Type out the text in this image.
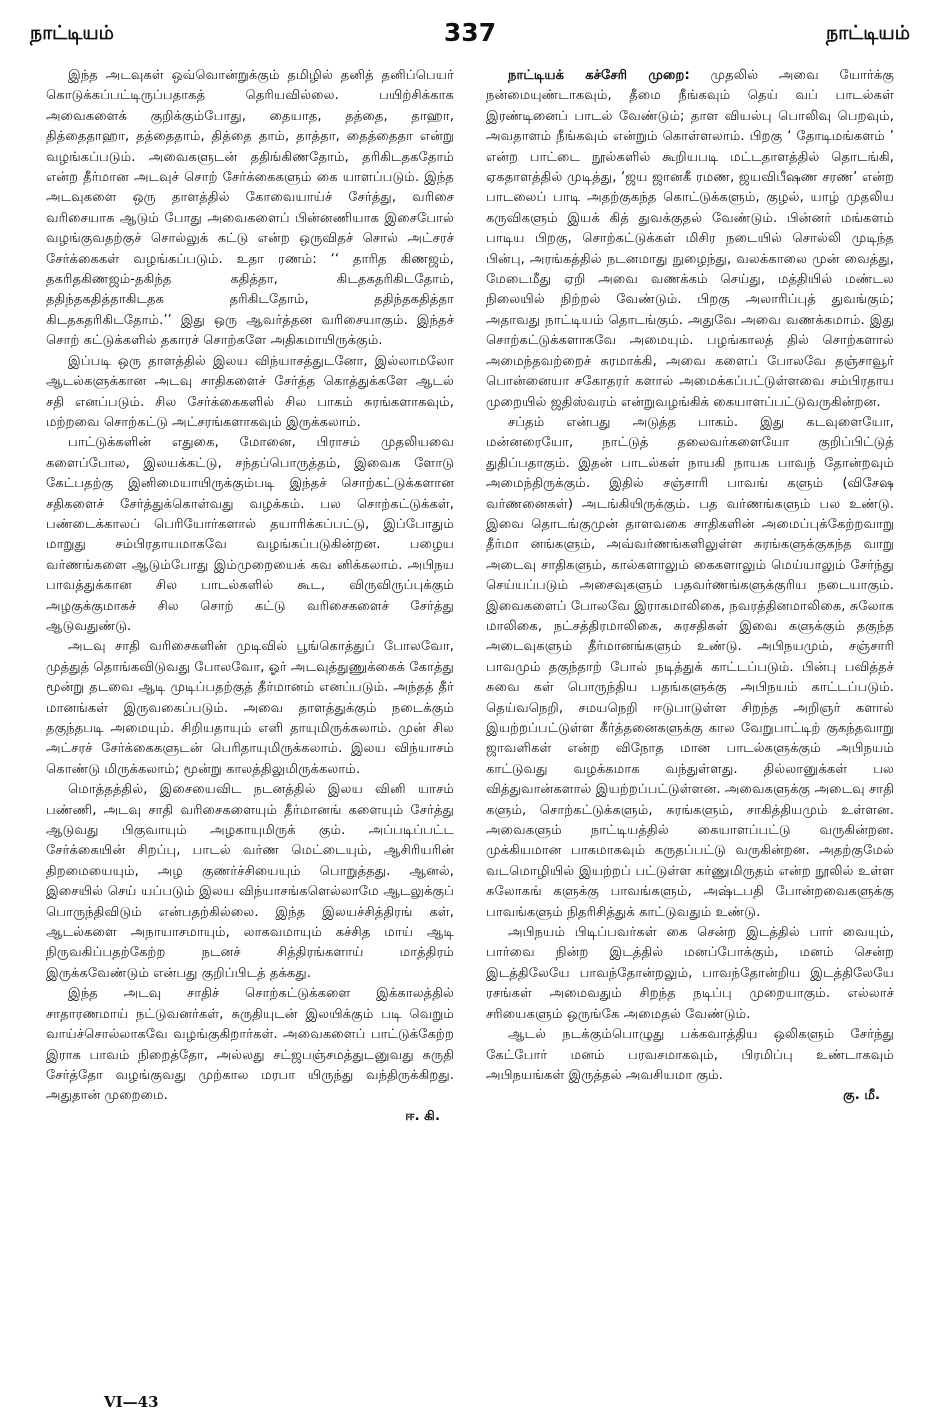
நாட்டியம்	337	நாட்டியம்

இந்த அடவுகள் ஒவ்வொன்றுக்கும் தமிழில் தனித் தனிப்பெயர் கொடுக்கப்பட்டிருப்பதாகத் தெரியவில்லை. பயிற்சிக்காக அவைகளைக் குறிக்கும்போது, தையாத, தத்தை, தாஹா, தித்தைதாஹா, தத்தைதாம், தித்தை தாம், தாத்தா, தைத்தைதா என்று வழங்கப்படும். அவைகளுடன் ததிங்கிணதோம், தரிகிடதகதோம் என்ற தீர்மான அடவுச் சொற் சேர்க்கைகளும் கை யாளப்படும். இந்த அடவுகளை ஒரு தாளத்தில் கோவையாய்ச் சேர்த்து, வரிசை வரிசையாக ஆடும் போது அவைகளைப் பின்னணியாக இசைபோல் வழங்குவதற்குச் சொல்லுக் கட்டு என்ற ஒருவிதச் சொல் அட்சரச் சேர்க்கைகள் வழங்கப்படும். உதா ரணம்: ‘‘ தாரித கிணஜம், தகரிதகிணஜம்-தகிந்த கதித்தா, கிடதகதரிகிடதோம், ததிந்தகதித்தாகிடதக தரிகிடதோம், ததிந்தகதித்தா கிடதகதரிகிடதோம்.’’ இது ஒரு ஆவர்த்தன வரிசையாகும். இந்தச் சொற் கட்டுக்களில் தகாரச் சொற்களே அதிகமாயிருக்கும்.

இப்படி ஒரு தாளத்தில் இலய விந்யாசத்துடனோ, இல்லாமலோ ஆடல்களுக்கான அடவு சாதிகளைச் சேர்த்த கொத்துக்களே ஆடல் சதி எனப்படும். சில சேர்க்கைகளில் சில பாகம் சுரங்களாகவும், மற்றவை சொற்கட்டு அட்சரங்களாகவும் இருக்கலாம்.

பாட்டுக்களின் எதுகை, மோனை, பிராசம் முதலியவை களைப்போல, இலயக்கட்டு, சந்தப்பொருத்தம், இவைக ளோடு கேட்பதற்கு இனிமையாயிருக்கும்படி இந்தச் சொற்கட்டுக்களான சதிகளைச் சேர்த்துக்கொள்வது வழக்கம். பல சொற்கட்டுக்கள், பண்டைக்காலப் பெரியோர்களால் தயாரிக்கப்பட்டு, இப்போதும் மாறுது சம்பிரதாயமாகவே வழங்கப்படுகின்றன. பழைய வர்ணங்களை ஆடும்போது இம்முறையைக் கவ னிக்கலாம். அபிநய பாவத்துக்கான சில பாடல்களில் கூட, விருவிருப்புக்கும் அழகுக்குமாகச் சில சொற் கட்டு வரிசைகளைச் சேர்த்து ஆடுவதுண்டு.

அடவு சாதி வரிசைகளின் முடிவில் பூங்கொத்துப் போலவோ, முத்துத் தொங்கவிடுவது போலவோ, ஓர் அடவுத்துணுக்கைக் கோத்து மூன்று தடவை ஆடி முடிப்பதற்குத் தீர்மானம் எனப்படும். அந்தத் தீர் மானங்கள் இருவகைப்படும். அவை தாளத்துக்கும் நடைக்கும் தகுந்தபடி அமையும். சிறியதாயும் எளி தாயுமிருக்கலாம். முன் சில அட்சரச் சேர்க்கைகளுடன் பெரிதாயுமிருக்கலாம். இலய விந்யாசம் கொண்டு மிருக்கலாம்; மூன்று காலத்திலுமிருக்கலாம்.

மொத்தத்தில், இசையைவிட நடனத்தில் இலய வினி யாசம் பண்ணி, அடவு சாதி வரிசைகளையும் தீர்மானங் களையும் சேர்த்து ஆடுவது பிகுவாயும் அழகாயுமிருக் கும். அப்படிப்பட்ட சேர்க்கையின் சிறப்பு, பாடல் வர்ண மெட்டையும், ஆசிரியரின் திறமையையும், அழ குணர்ச்சியையும் பொறுத்தது. ஆனல், இசையில் செய் யப்படும் இலய விந்யாசங்களெல்லாமே ஆடலுக்குப் பொருந்திவிடும் என்பதற்கில்லை. இந்த இலயச்சித்திரங் கள், ஆடல்களை அநாயாசமாயும், லாகவமாயும் கச்சித மாய் ஆடி நிருவகிப்பதற்கேற்ற நடனச் சித்திரங்களாய் மாத்திரம் இருக்கவேண்டும் என்பது குறிப்பிடத் தக்கது.

இந்த அடவு சாதிச் சொற்கட்டுக்களை இக்காலத்தில் சாதாரணமாய் நட்டுவனர்கள், சுருதியுடன் இலயிக்கும் படி வெறும் வாய்ச்சொல்லாகவே வழங்குகிறார்கள். அவைகளைப் பாட்டுக்கேற்ற இராக பாவம் நிறைத்தோ, அல்லது சட்ஜபஞ்சமத்துடனுவது சுருதி சேர்த்தோ வழங்குவது முற்கால மரபா யிருந்து வந்திருக்கிறது. அதுதான் முறைமை.

ஈ. கி.

நாட்டியக் கச்சேரி முறை: முதலில் அவை யோர்க்கு நன்மையுண்டாகவும், தீமை நீங்கவும் தெய் வப் பாடல்கள் இரண்டினைப் பாடல் வேண்டும்; தாள வியல்பு பொலிவு பெறவும், அவதாளம் நீங்கவும் என்றும் கொள்ளலாம். பிறகு ‘ தோடிமங்களம் ’ என்ற பாட்டை நூல்களில் கூறியபடி மட்டதாளத்தில் தொடங்கி, ஏகதாளத்தில் முடித்து, ‘ஜய ஜானகீ ரமண, ஜயவிபீஷண சரண’ என்ற பாடலைப் பாடி அதற்குகந்த கொட்டுக்களும், குழல், யாழ் முதலிய கருவிகளும் இயக் கித் துவக்குதல் வேண்டும். பின்னர் மங்களம் பாடிய பிறகு, சொற்கட்டுக்கள் மிசிர நடையில் சொல்லி முடிந்த பின்பு, அரங்கத்தில் நடனமாது நுழைந்து, வலக்காலை முன் வைத்து, மேடைமீது ஏறி அவை வணக்கம் செய்து, மத்தியில் மண்டல நிலையில் நிற்றல் வேண்டும். பிறகு அலாரிப்புத் துவங்கும்; அதாவது நாட்டியம் தொடங்கும். அதுவே அவை வணக்கமாம். இது சொற்கட்டுக்களாகவே அமையும். பழங்காலத் தில் சொற்களால் அமைந்தவற்றைச் சுரமாக்கி, அவை களைப் போலவே தஞ்சாவூர் பொன்னையா சகோதரர் களால் அமைக்கப்பட்டுள்ளவை சம்பிரதாய முறையில் ஜதிஸ்வரம் என்றுவழங்கிக் கையாளப்பட்டுவருகின்றன.

சப்தம் என்பது அடுத்த பாகம். இது கடவுளையோ, மன்னரையோ, நாட்டுத் தலைவர்களையோ குறிப்பிட்டுத் துதிப்பதாகும். இதன் பாடல்கள் நாயகி நாயக பாவந் தோன்றவும் அமைந்திருக்கும். இதில் சஞ்சாரி பாவங் களும் (விசேஷ வர்ணனைகள்) அடங்கியிருக்கும். பத வர்ணங்களும் பல உண்டு. இவை தொடங்குமுன் தாளவகை சாதிகளின் அமைப்புக்கேற்றவாறு தீர்மா னங்களும், அவ்வர்ணங்களிலுள்ள சுரங்களுக்குகந்த வாறு அடைவு சாதிகளும், கால்களாலும் கைகளாலும் மெய்யாலும் சேர்ந்து செய்யப்படும் அசைவுகளும் பதவர்ணங்களுக்குரிய நடையாகும். இவைகளைப் போலவே இராகமாலிகை, நவரத்தினமாலிகை, சுலோக மாலிகை, நட்சத்திரமாலிகை, சுரசதிகள் இவை களுக்கும் தகுந்த அடைவுகளும் தீர்மானங்களும் உண்டு. அபிநயமும், சஞ்சாரி பாவமும் தகுந்தாற் போல் நடித்துக் காட்டப்படும். பின்பு பவித்தச் சுவை கள் பொருந்திய பதங்களுக்கு அபிநயம் காட்டப்படும். தெய்வநெறி, சமயநெறி ஈடுபாடுள்ள சிறந்த அறிஞர் களால் இயற்றப்பட்டுள்ள கீர்த்தனைகளுக்கு கால வேறுபாட்டிற் குகந்தவாறு ஜாவளிகள் என்ற விநோத மான பாடல்களுக்கும் அபிநயம் காட்டுவது வழக்கமாக வந்துள்ளது. தில்லானுக்கள் பல வித்துவான்களால் இயற்றப்பட்டுள்ளன. அவைகளுக்கு அடைவு சாதி களும், சொற்கட்டுக்களும், சுரங்களும், சாகித்தியமும் உள்ளன. அவைகளும் நாட்டியத்தில் கையாளப்பட்டு வருகின்றன. முக்கியமான பாகமாகவும் கருதப்பட்டு வருகின்றன. அதற்குமேல் வடமொழியில் இயற்றப் பட்டுள்ள கர்ணுமிருதம் என்ற நூலில் உள்ள சுலோகங் களுக்கு பாவங்களும், அஷ்டபதி போன்றவைகளுக்கு பாவங்களும் நிதரிசித்துக் காட்டுவதும் உண்டு.

அபிநயம் பிடிப்பவர்கள் கை சென்ற இடத்தில் பார் வையும், பார்வை நின்ற இடத்தில் மனப்போக்கும், மனம் சென்ற இடத்திலேயே பாவந்தோன்றலும், பாவந்தோன்றிய இடத்திலேயே ரசங்கள் அமைவதும் சிறந்த நடிப்பு முறையாகும். எல்லாச் சரியைகளும் ஒருங்கே அமைதல் வேண்டும்.

ஆடல் நடக்கும்பொழுது பக்கவாத்திய ஒலிகளும் சேர்ந்து கேட்போர் மனம் பரவசமாகவும், பிரமிப்பு உண்டாகவும் அபிநயங்கள் இருத்தல் அவசியமா கும்.

கு. மீ.

VI—43
